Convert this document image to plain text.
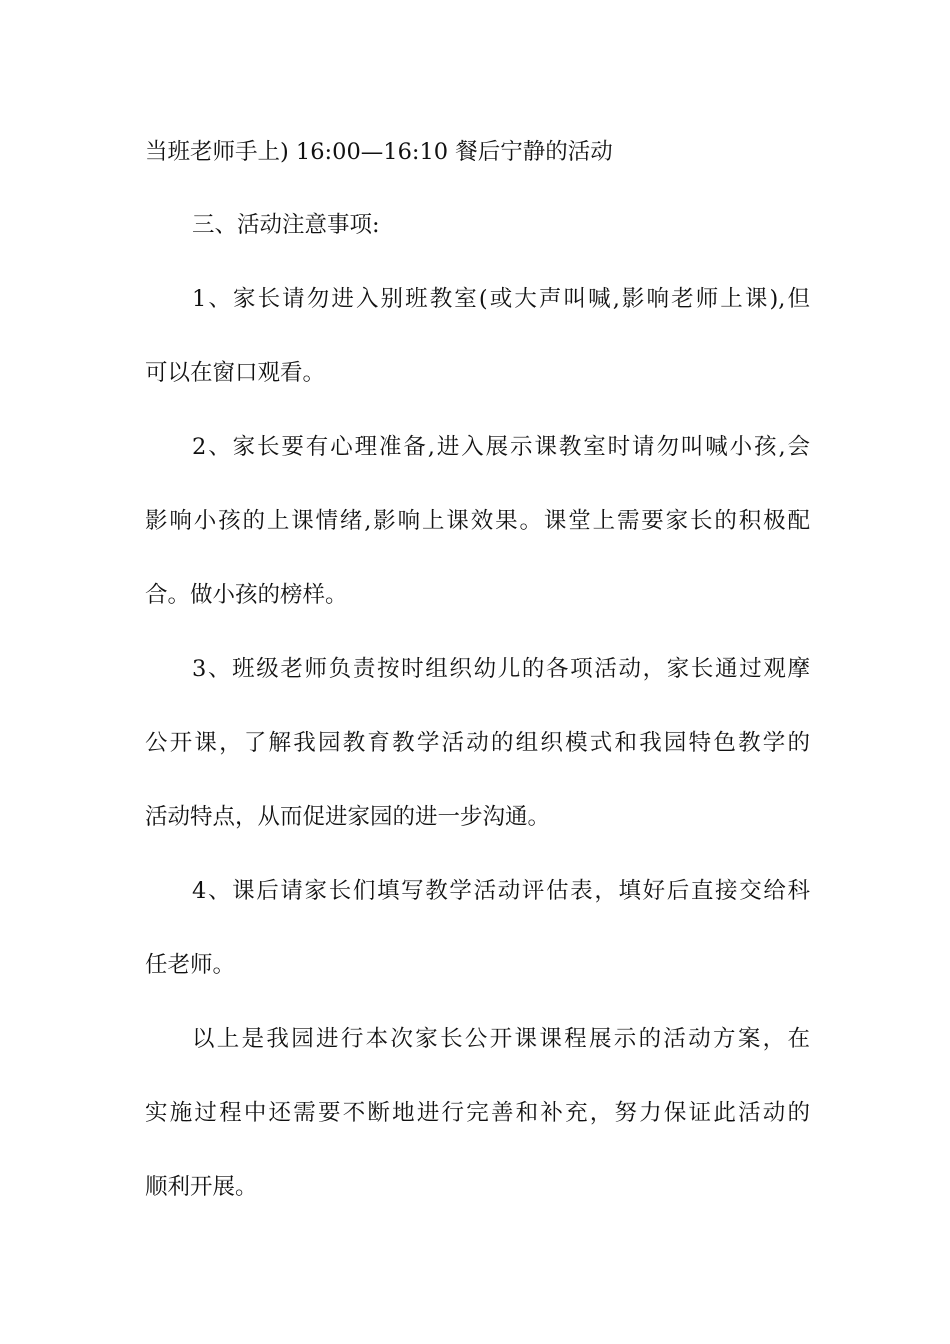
当班老师手上) 16:00—16:10 餐后宁静的活动
三、活动注意事项:
1、家长请勿进入别班教室(或大声叫喊,影响老师上课),但
可以在窗口观看。
2、家长要有心理准备,进入展示课教室时请勿叫喊小孩,会
影响小孩的上课情绪,影响上课效果。课堂上需要家长的积极配
合。做小孩的榜样。
3、班级老师负责按时组织幼儿的各项活动，家长通过观摩
公开课，了解我园教育教学活动的组织模式和我园特色教学的
活动特点，从而促进家园的进一步沟通。
4、课后请家长们填写教学活动评估表，填好后直接交给科
任老师。
以上是我园进行本次家长公开课课程展示的活动方案，在
实施过程中还需要不断地进行完善和补充，努力保证此活动的
顺利开展。
